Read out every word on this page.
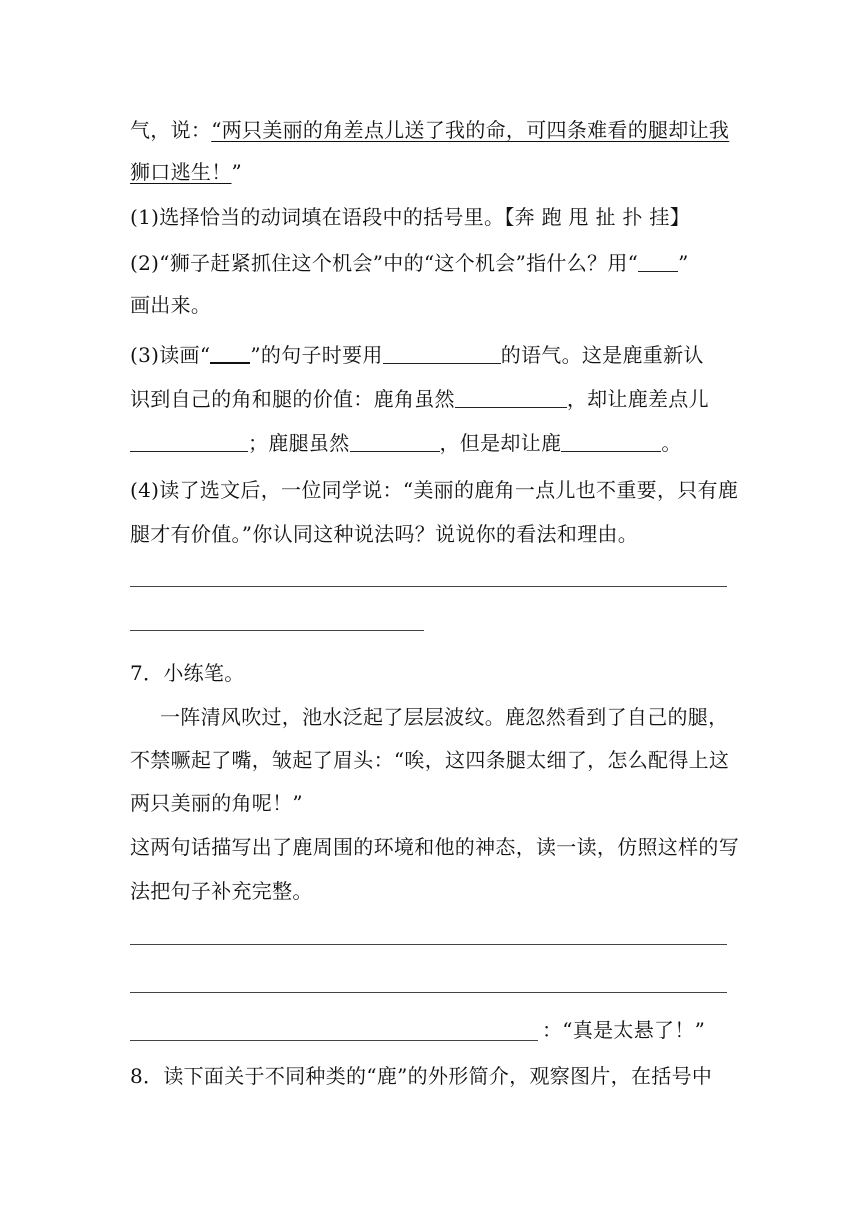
气，说：“两只美丽的角差点儿送了我的命，可四条难看的腿却让我
狮口逃生！”
(1)选择恰当的动词填在语段中的括号里。【奔 跑 甩 扯 扑 挂】
(2)“狮子赶紧抓住这个机会”中的“这个机会”指什么？用“ ”
画出来。
(3)读画“ ”的句子时要用	的语气。这是鹿重新认
识到自己的角和腿的价值：鹿角虽然	，却让鹿差点儿
；鹿腿虽然	，但是却让鹿	。
(4)读了选文后，一位同学说：“美丽的鹿角一点儿也不重要，只有鹿
腿才有价值。”你认同这种说法吗？说说你的看法和理由。
7．小练笔。
一阵清风吹过，池水泛起了层层波纹。鹿忽然看到了自己的腿，
不禁噘起了嘴，皱起了眉头：“唉，这四条腿太细了，怎么配得上这
两只美丽的角呢！”
这两句话描写出了鹿周围的环境和他的神态，读一读，仿照这样的写
法把句子补充完整。
：“真是太悬了！”
8．读下面关于不同种类的“鹿”的外形简介，观察图片，在括号中
